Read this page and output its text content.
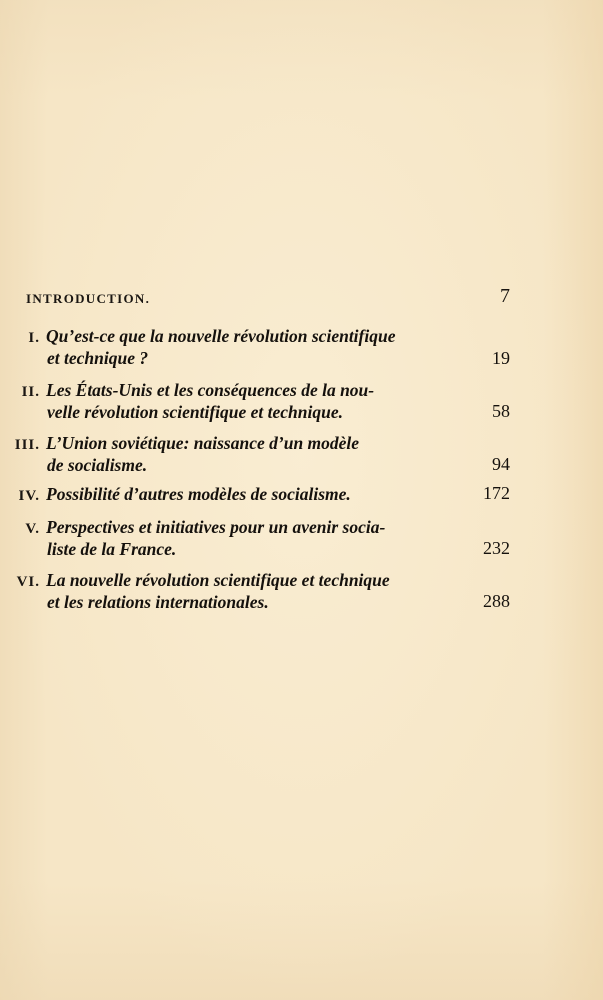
INTRODUCTION.	7
I. Qu’est-ce que la nouvelle révolution scientifique
et technique ?	19
II. Les États-Unis et les conséquences de la nou-
velle révolution scientifique et technique.	58
III. L’Union soviétique: naissance d’un modèle
de socialisme.	94
IV. Possibilité d’autres modèles de socialisme.	172
V. Perspectives et initiatives pour un avenir socia-
liste de la France.	232
VI. La nouvelle révolution scientifique et technique
et les relations internationales.	288
